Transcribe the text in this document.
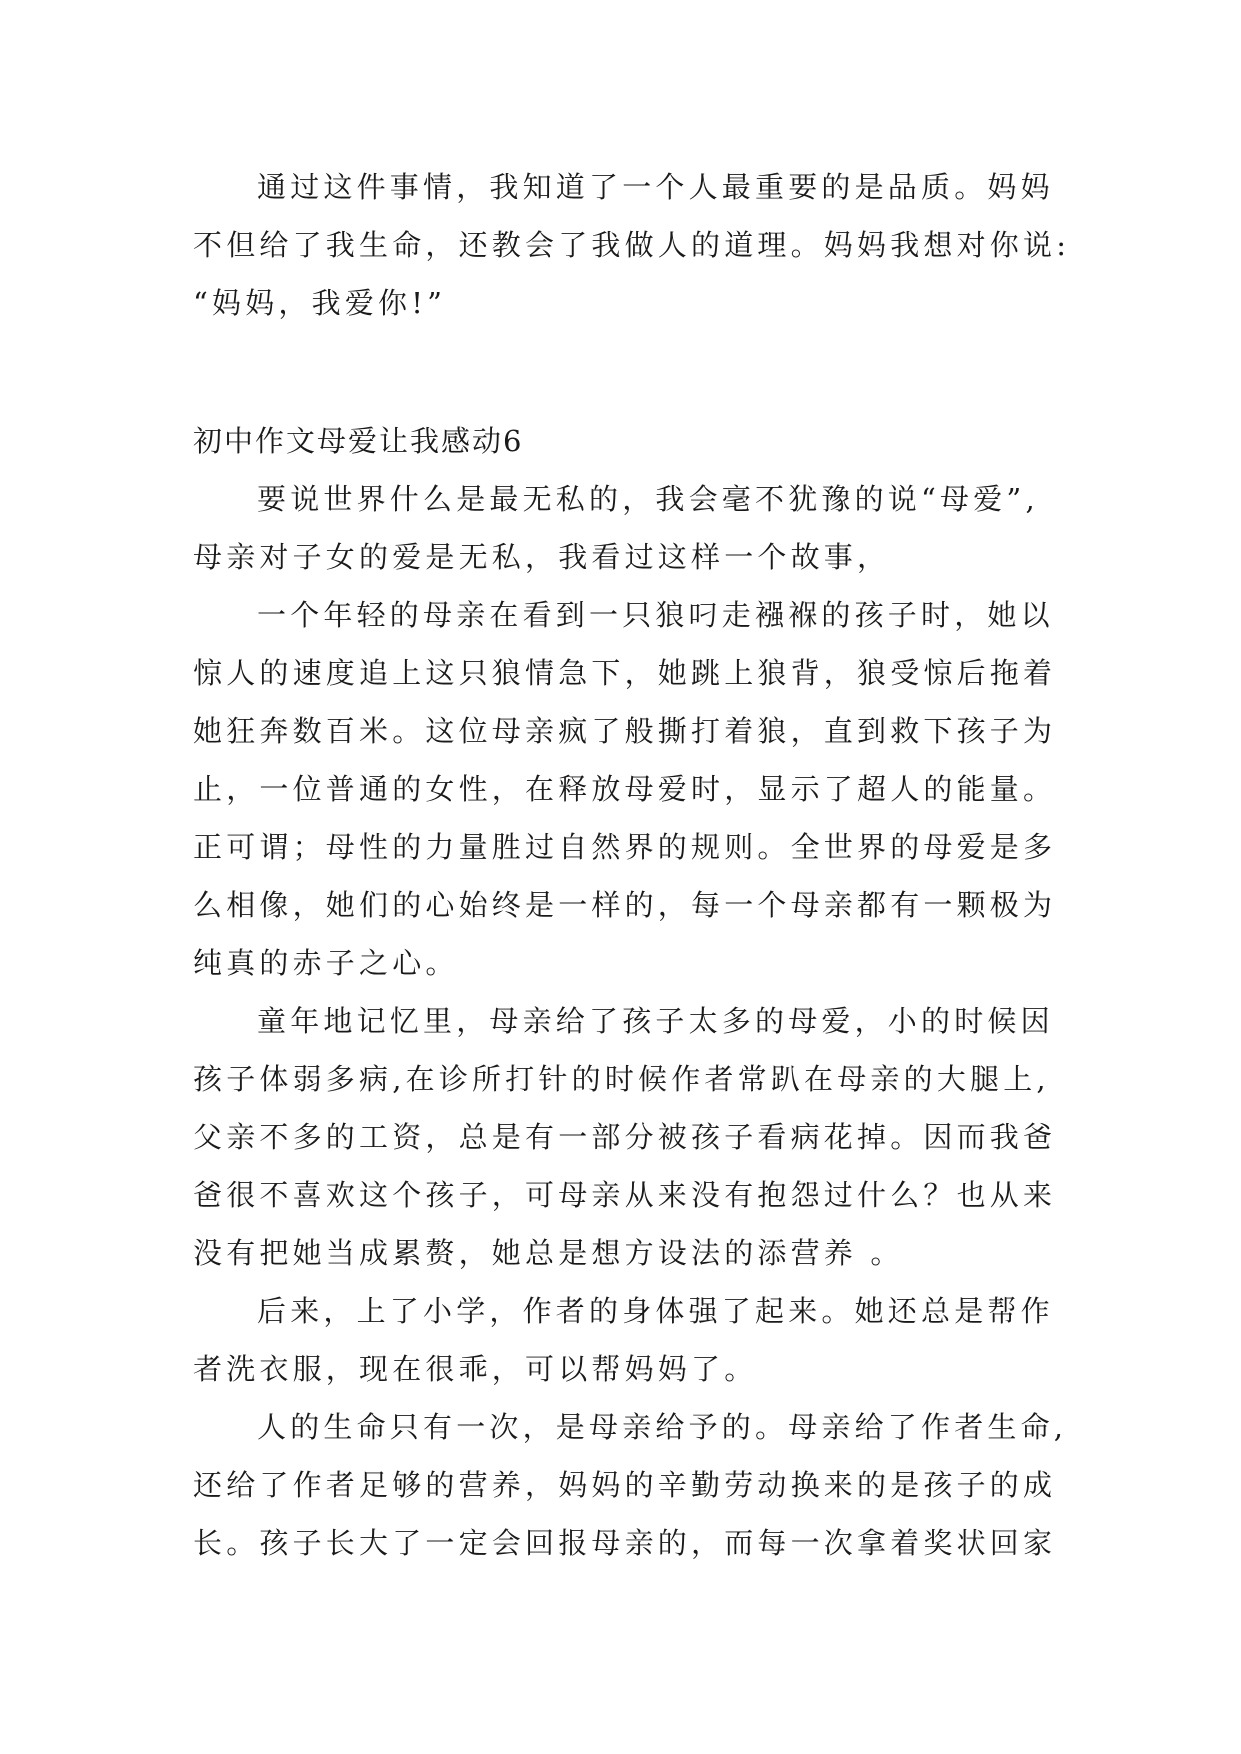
通过这件事情，我知道了一个人最重要的是品质。妈妈
不但给了我生命，还教会了我做人的道理。妈妈我想对你说:
“妈妈，我爱你!”
初中作文母爱让我感动6
要说世界什么是最无私的，我会毫不犹豫的说“母爱”,
母亲对子女的爱是无私，我看过这样一个故事，
一个年轻的母亲在看到一只狼叼走襁褓的孩子时，她以
惊人的速度追上这只狼情急下，她跳上狼背，狼受惊后拖着
她狂奔数百米。这位母亲疯了般撕打着狼，直到救下孩子为
止，一位普通的女性，在释放母爱时，显示了超人的能量。
正可谓；母性的力量胜过自然界的规则。全世界的母爱是多
么相像，她们的心始终是一样的，每一个母亲都有一颗极为
纯真的赤子之心。
童年地记忆里，母亲给了孩子太多的母爱，小的时候因
孩子体弱多病,在诊所打针的时候作者常趴在母亲的大腿上,
父亲不多的工资，总是有一部分被孩子看病花掉。因而我爸
爸很不喜欢这个孩子，可母亲从来没有抱怨过什么？也从来
没有把她当成累赘，她总是想方设法的添营养 。
后来，上了小学，作者的身体强了起来。她还总是帮作
者洗衣服，现在很乖，可以帮妈妈了。
人的生命只有一次，是母亲给予的。母亲给了作者生命,
还给了作者足够的营养，妈妈的辛勤劳动换来的是孩子的成
长。孩子长大了一定会回报母亲的，而每一次拿着奖状回家
